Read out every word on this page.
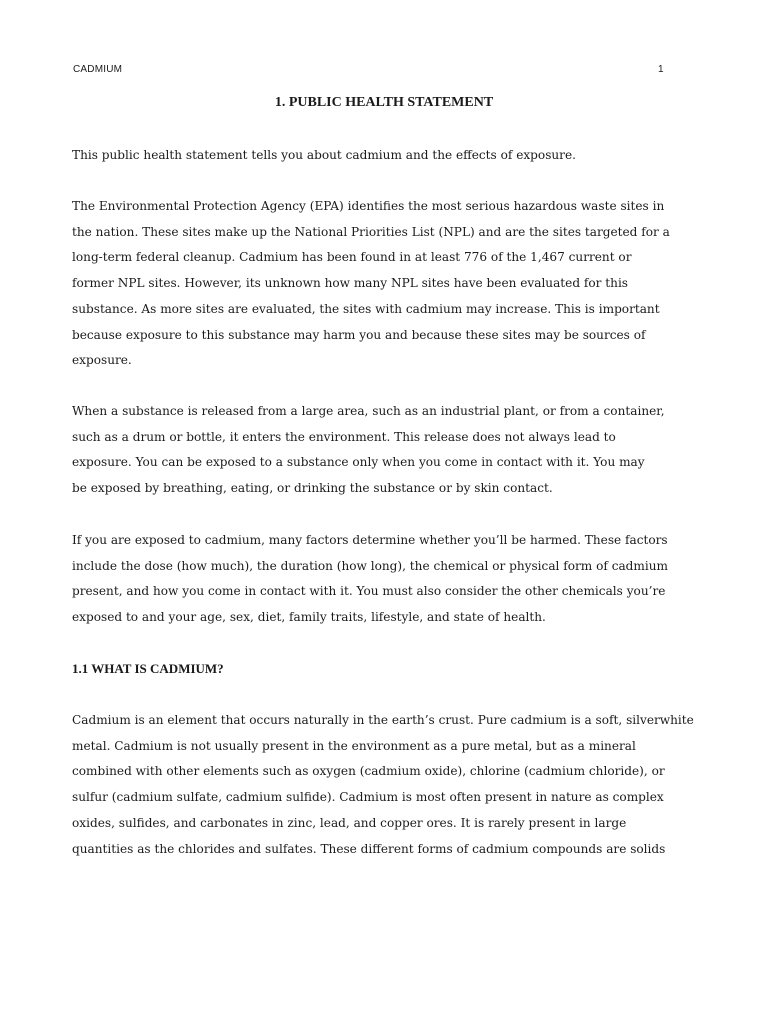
CADMIUM	1
1. PUBLIC HEALTH STATEMENT

This public health statement tells you about cadmium and the effects of exposure.

The Environmental Protection Agency (EPA) identifies the most serious hazardous waste sites in
the nation. These sites make up the National Priorities List (NPL) and are the sites targeted for a
long-term federal cleanup. Cadmium has been found in at least 776 of the 1,467 current or
former NPL sites. However, its unknown how many NPL sites have been evaluated for this
substance. As more sites are evaluated, the sites with cadmium may increase. This is important
because exposure to this substance may harm you and because these sites may be sources of
exposure.

When a substance is released from a large area, such as an industrial plant, or from a container,
such as a drum or bottle, it enters the environment. This release does not always lead to
exposure. You can be exposed to a substance only when you come in contact with it. You may
be exposed by breathing, eating, or drinking the substance or by skin contact.

If you are exposed to cadmium, many factors determine whether you’ll be harmed. These factors
include the dose (how much), the duration (how long), the chemical or physical form of cadmium
present, and how you come in contact with it. You must also consider the other chemicals you’re
exposed to and your age, sex, diet, family traits, lifestyle, and state of health.

1.1 WHAT IS CADMIUM?

Cadmium is an element that occurs naturally in the earth’s crust. Pure cadmium is a soft, silverwhite
metal. Cadmium is not usually present in the environment as a pure metal, but as a mineral
combined with other elements such as oxygen (cadmium oxide), chlorine (cadmium chloride), or
sulfur (cadmium sulfate, cadmium sulfide). Cadmium is most often present in nature as complex
oxides, sulfides, and carbonates in zinc, lead, and copper ores. It is rarely present in large
quantities as the chlorides and sulfates. These different forms of cadmium compounds are solids
